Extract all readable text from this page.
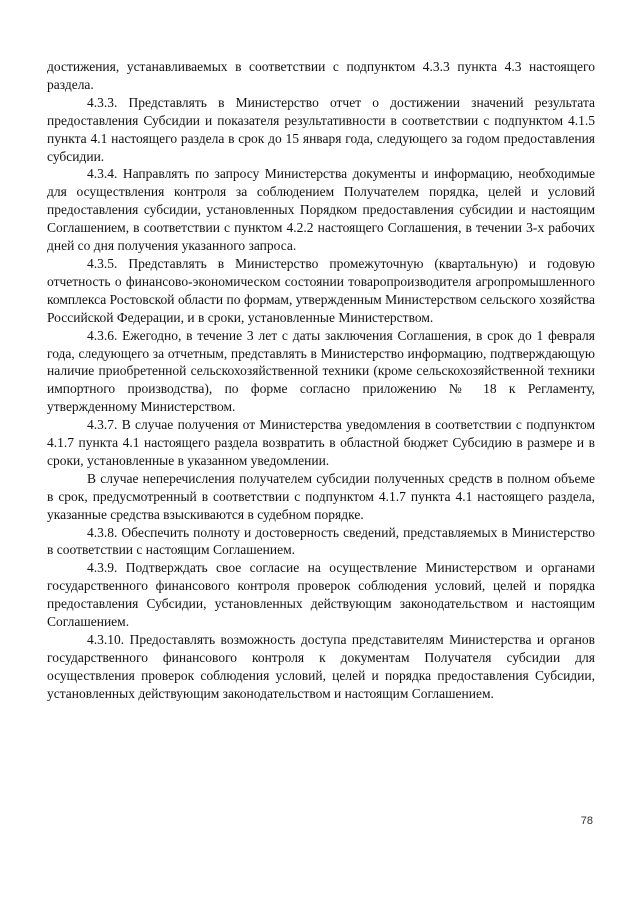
достижения, устанавливаемых в соответствии с подпунктом 4.3.3 пункта 4.3 настоящего раздела.

4.3.3. Представлять в Министерство отчет о достижении значений результата предоставления Субсидии и показателя результативности в соответствии с подпунктом 4.1.5 пункта 4.1 настоящего раздела в срок до 15 января года, следующего за годом предоставления субсидии.

4.3.4. Направлять по запросу Министерства документы и информацию, необходимые для осуществления контроля за соблюдением Получателем порядка, целей и условий предоставления субсидии, установленных Порядком предоставления субсидии и настоящим Соглашением, в соответствии с пунктом 4.2.2 настоящего Соглашения, в течении 3-х рабочих дней со дня получения указанного запроса.

4.3.5. Представлять в Министерство промежуточную (квартальную) и годовую отчетность о финансово-экономическом состоянии товаропроизводителя агропромышленного комплекса Ростовской области по формам, утвержденным Министерством сельского хозяйства Российской Федерации, и в сроки, установленные Министерством.

4.3.6. Ежегодно, в течение 3 лет с даты заключения Соглашения, в срок до 1 февраля года, следующего за отчетным, представлять в Министерство информацию, подтверждающую наличие приобретенной сельскохозяйственной техники (кроме сельскохозяйственной техники импортного производства), по форме согласно приложению № 18 к Регламенту, утвержденному Министерством.

4.3.7. В случае получения от Министерства уведомления в соответствии с подпунктом 4.1.7 пункта 4.1 настоящего раздела возвратить в областной бюджет Субсидию в размере и в сроки, установленные в указанном уведомлении.

В случае неперечисления получателем субсидии полученных средств в полном объеме в срок, предусмотренный в соответствии с подпунктом 4.1.7 пункта 4.1 настоящего раздела, указанные средства взыскиваются в судебном порядке.

4.3.8. Обеспечить полноту и достоверность сведений, представляемых в Министерство в соответствии с настоящим Соглашением.

4.3.9. Подтверждать свое согласие на осуществление Министерством и органами государственного финансового контроля проверок соблюдения условий, целей и порядка предоставления Субсидии, установленных действующим законодательством и настоящим Соглашением.

4.3.10. Предоставлять возможность доступа представителям Министерства и органов государственного финансового контроля к документам Получателя субсидии для осуществления проверок соблюдения условий, целей и порядка предоставления Субсидии, установленных действующим законодательством и настоящим Соглашением.

78
